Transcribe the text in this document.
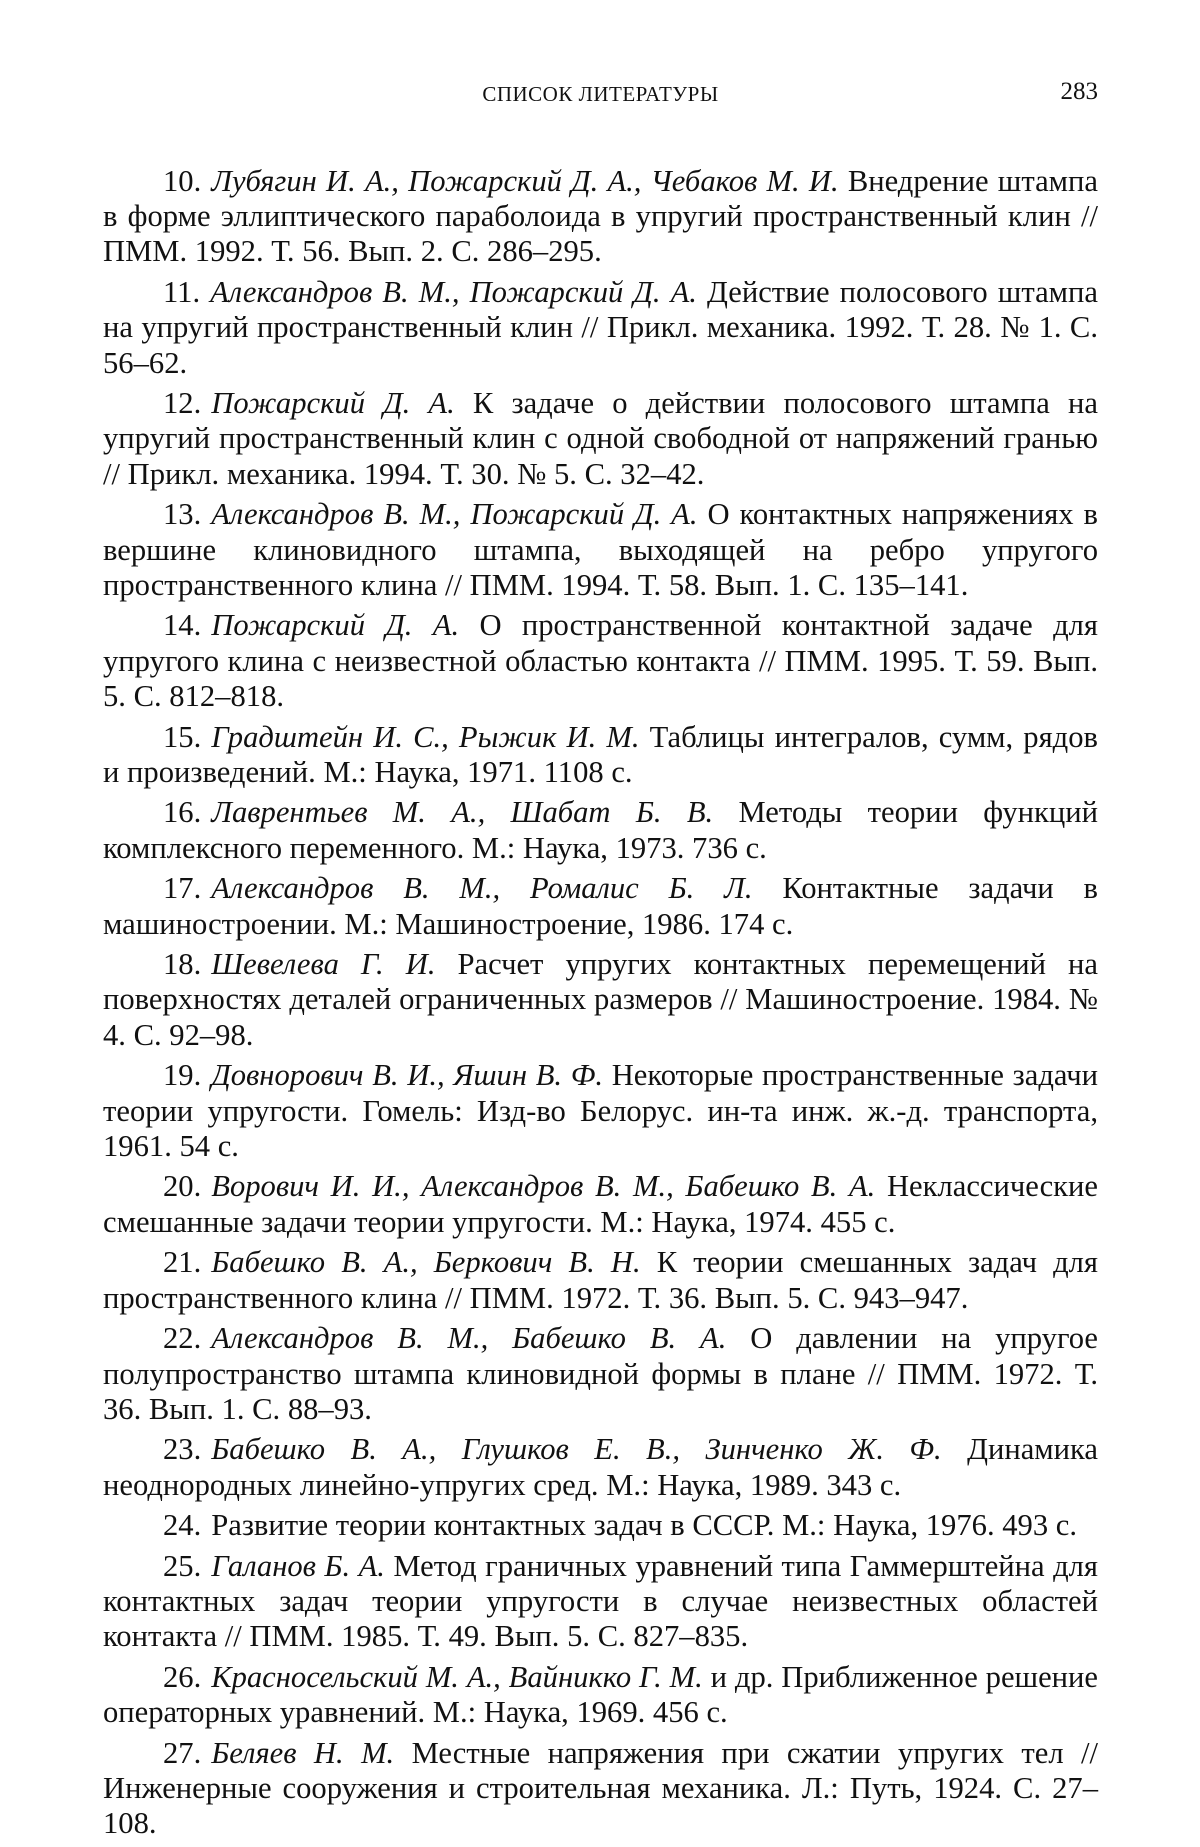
СПИСОК ЛИТЕРАТУРЫ	283

10. Лубягин И. А., Пожарский Д. А., Чебаков М. И. Внедрение штампа в форме эллиптического параболоида в упругий пространственный клин // ПММ. 1992. Т. 56. Вып. 2. С. 286–295.

11. Александров В. М., Пожарский Д. А. Действие полосового штампа на упругий пространственный клин // Прикл. механика. 1992. Т. 28. № 1. С. 56–62.

12. Пожарский Д. А. К задаче о действии полосового штампа на упругий пространственный клин с одной свободной от напряжений гранью // Прикл. механика. 1994. Т. 30. № 5. С. 32–42.

13. Александров В. М., Пожарский Д. А. О контактных напряжениях в вершине клиновидного штампа, выходящей на ребро упругого пространственного клина // ПММ. 1994. Т. 58. Вып. 1. С. 135–141.

14. Пожарский Д. А. О пространственной контактной задаче для упругого клина с неизвестной областью контакта // ПММ. 1995. Т. 59. Вып. 5. С. 812–818.

15. Градштейн И. С., Рыжик И. М. Таблицы интегралов, сумм, рядов и произведений. М.: Наука, 1971. 1108 с.

16. Лаврентьев М. А., Шабат Б. В. Методы теории функций комплексного переменного. М.: Наука, 1973. 736 с.

17. Александров В. М., Ромалис Б. Л. Контактные задачи в машиностроении. М.: Машиностроение, 1986. 174 с.

18. Шевелева Г. И. Расчет упругих контактных перемещений на поверхностях деталей ограниченных размеров // Машиностроение. 1984. № 4. С. 92–98.

19. Довнорович В. И., Яшин В. Ф. Некоторые пространственные задачи теории упругости. Гомель: Изд-во Белорус. ин-та инж. ж.-д. транспорта, 1961. 54 с.

20. Ворович И. И., Александров В. М., Бабешко В. А. Неклассические смешанные задачи теории упругости. М.: Наука, 1974. 455 с.

21. Бабешко В. А., Беркович В. Н. К теории смешанных задач для пространственного клина // ПММ. 1972. Т. 36. Вып. 5. С. 943–947.

22. Александров В. М., Бабешко В. А. О давлении на упругое полупространство штампа клиновидной формы в плане // ПММ. 1972. Т. 36. Вып. 1. С. 88–93.

23. Бабешко В. А., Глушков Е. В., Зинченко Ж. Ф. Динамика неоднородных линейно-упругих сред. М.: Наука, 1989. 343 с.

24. Развитие теории контактных задач в СССР. М.: Наука, 1976. 493 с.

25. Галанов Б. А. Метод граничных уравнений типа Гаммерштейна для контактных задач теории упругости в случае неизвестных областей контакта // ПММ. 1985. Т. 49. Вып. 5. С. 827–835.

26. Красносельский М. А., Вайникко Г. М. и др. Приближенное решение операторных уравнений. М.: Наука, 1969. 456 с.

27. Беляев Н. М. Местные напряжения при сжатии упругих тел // Инженерные сооружения и строительная механика. Л.: Путь, 1924. С. 27–108.
